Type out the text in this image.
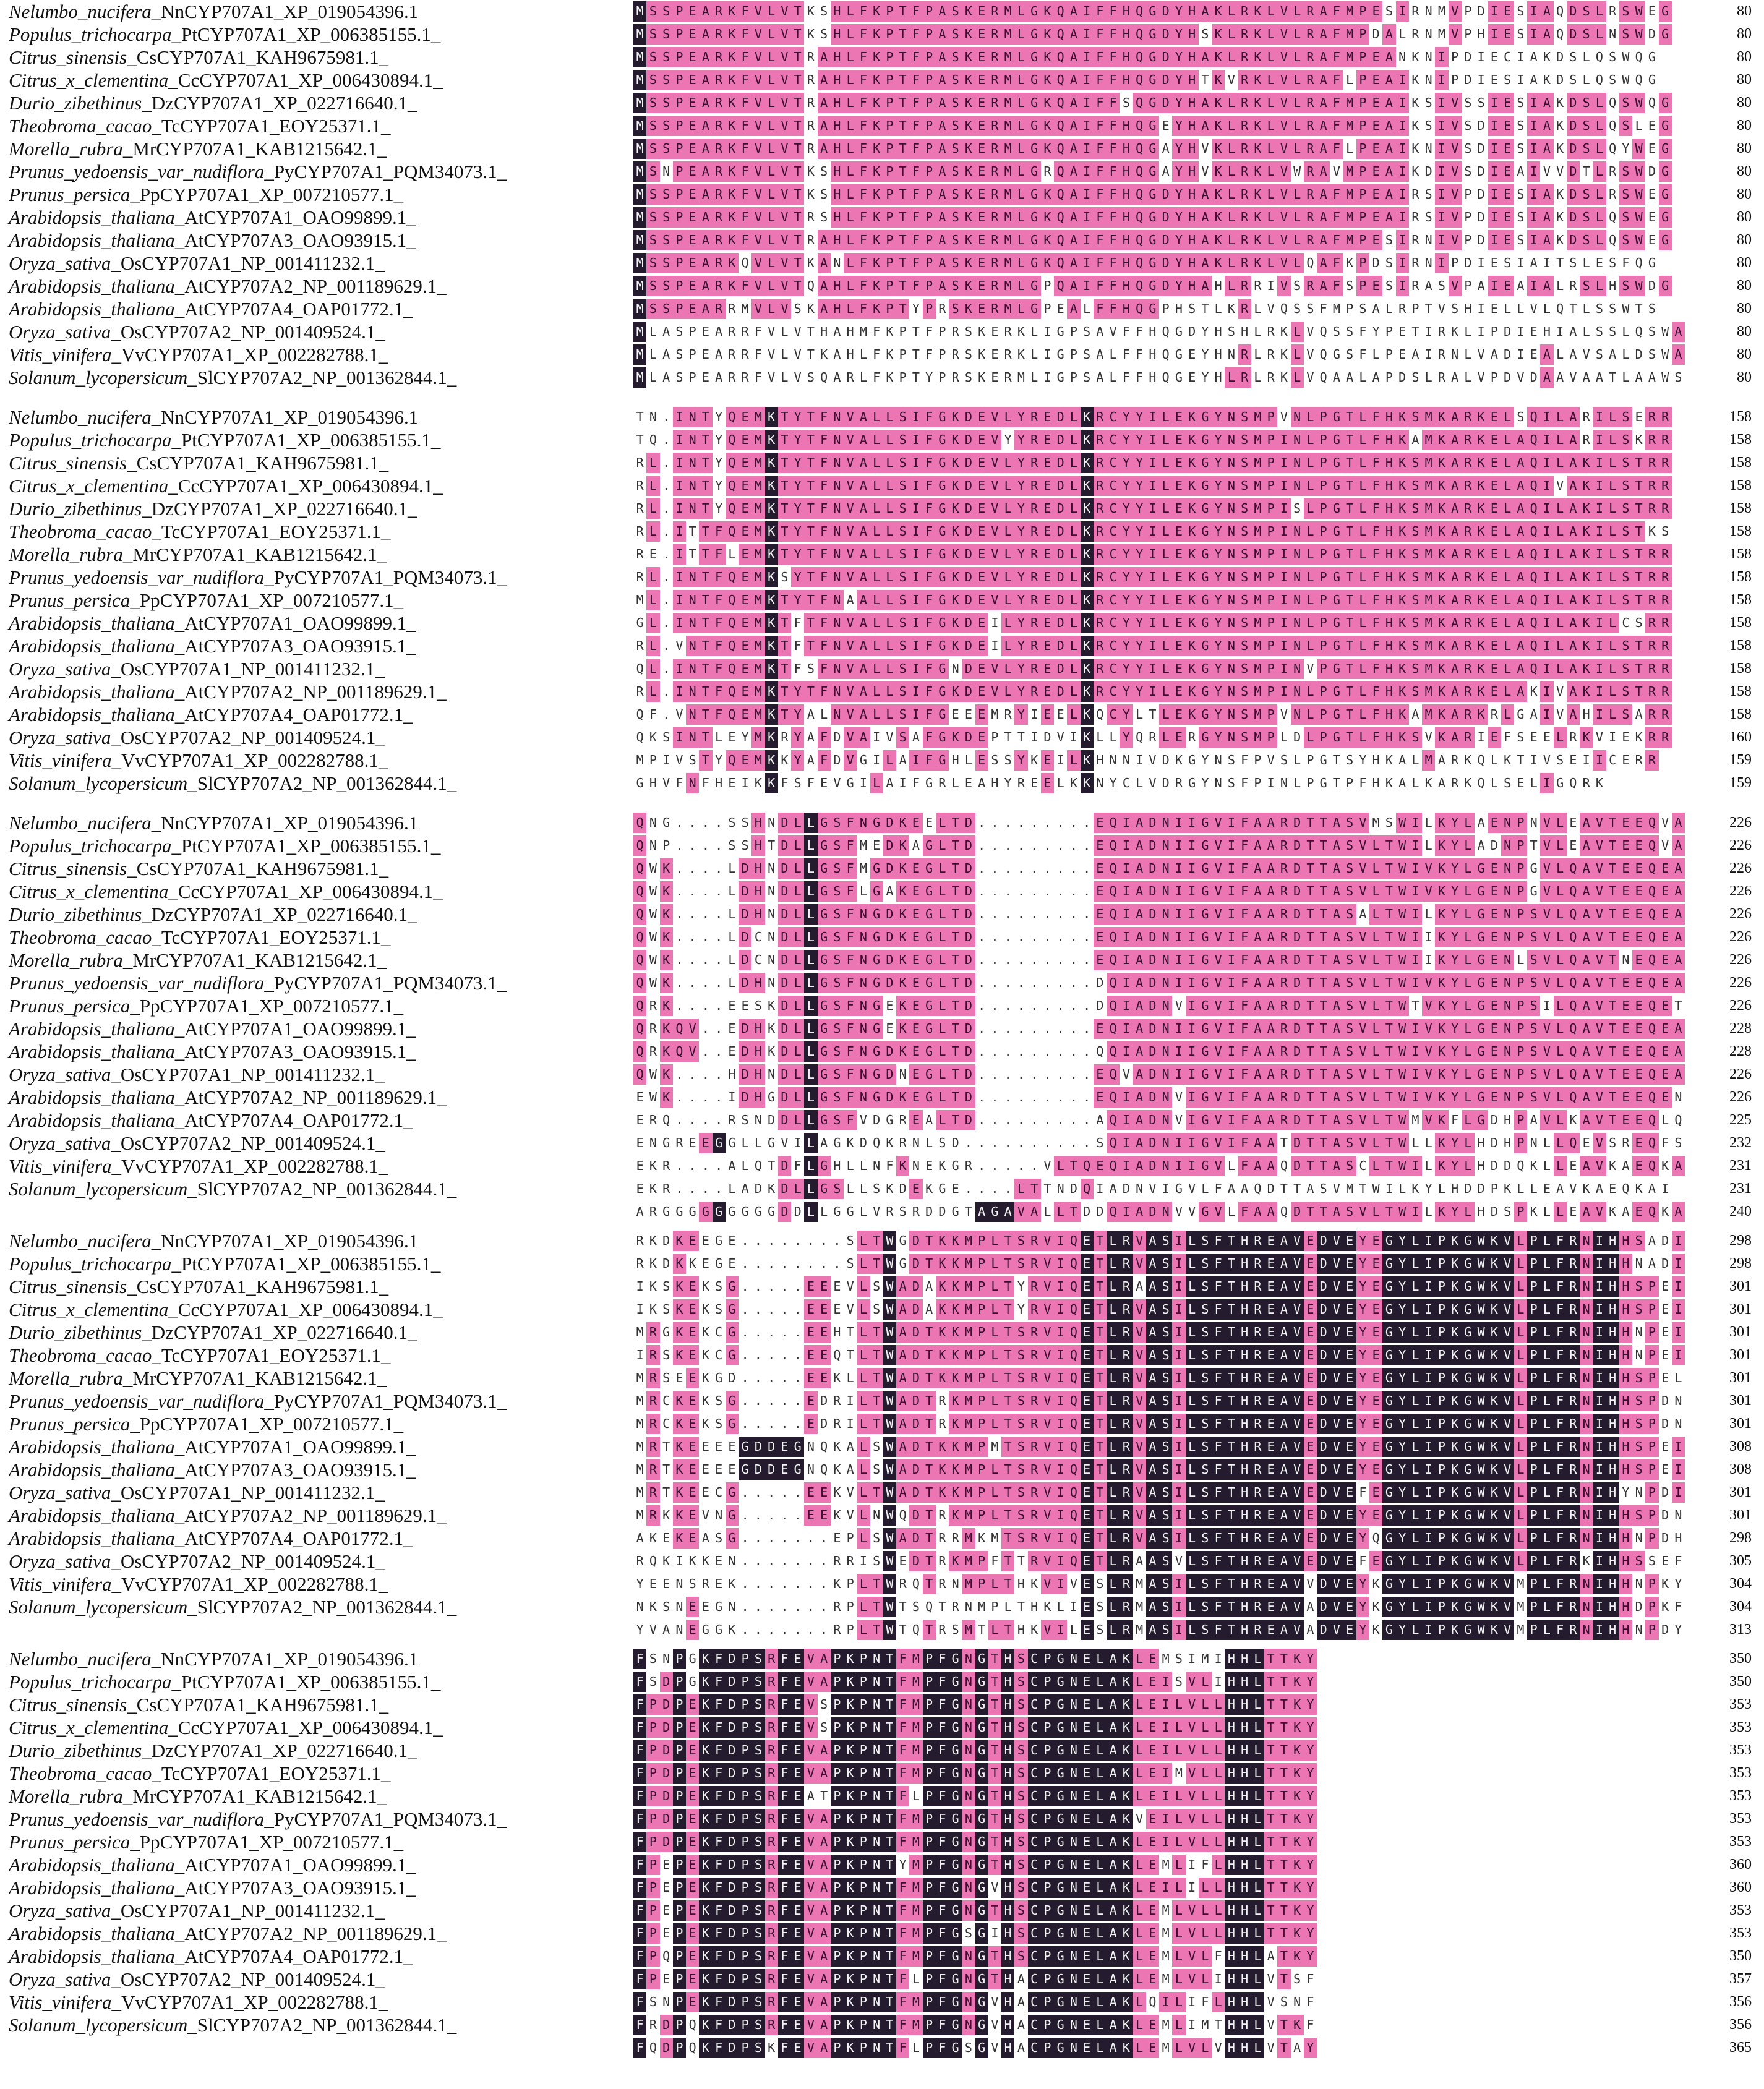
Nelumbo_nucifera_NnCYP707A1_XP_019054396.1	M S S P E A R K F V L V T K S H L F K P T F P A S K E R M L G K Q A I F F H Q G D Y H A K L R K L V L R A F M P E S I R N M V P D I E S I A Q D S L R S W E G	80
Populus_trichocarpa_PtCYP707A1_XP_006385155.1_	M S S P E A R K F V L V T K S H L F K P T F P A S K E R M L G K Q A I F F H Q G D Y H S K L R K L V L R A F M P D A L R N M V P H I E S I A Q D S L N S W D G	80
Citrus_sinensis_CsCYP707A1_KAH9675981.1_	M S S P E A R K F V L V T R A H L F K P T F P A S K E R M L G K Q A I F F H Q G D Y H A K L R K L V L R A F M P E A N K N I P D I E C I A K D S L Q S W Q G	80
Citrus_x_clementina_CcCYP707A1_XP_006430894.1_	M S S P E A R K F V L V T R A H L F K P T F P A S K E R M L G K Q A I F F H Q G D Y H T K V R K L V L R A F L P E A I K N I P D I E S I A K D S L Q S W Q G	80
Durio_zibethinus_DzCYP707A1_XP_022716640.1_	M S S P E A R K F V L V T R A H L F K P T F P A S K E R M L G K Q A I F F S Q G D Y H A K L R K L V L R A F M P E A I K S I V S S I E S I A K D S L Q S W Q G	80
Theobroma_cacao_TcCYP707A1_EOY25371.1_	M S S P E A R K F V L V T R A H L F K P T F P A S K E R M L G K Q A I F F H Q G E Y H A K L R K L V L R A F M P E A I K S I V S D I E S I A K D S L Q S L E G	80
Morella_rubra_MrCYP707A1_KAB1215642.1_	M S S P E A R K F V L V T R A H L F K P T F P A S K E R M L G K Q A I F F H Q G A Y H V K L R K L V L R A F L P E A I K N I V S D I E S I A K D S L Q Y W E G	80
Prunus_yedoensis_var_nudiflora_PyCYP707A1_PQM34073.1_	M S N P E A R K F V L V T K S H L F K P T F P A S K E R M L G R Q A I F F H Q G A Y H V K L R K L V W R A V M P E A I K D I V S D I E A I V V D T L R S W D G	80
Prunus_persica_PpCYP707A1_XP_007210577.1_	M S S P E A R K F V L V T K S H L F K P T F P A S K E R M L G K Q A I F F H Q G D Y H A K L R K L V L R A F M P E A I R S I V P D I E S I A K D S L R S W E G	80
Arabidopsis_thaliana_AtCYP707A1_OAO99899.1_	M S S P E A R K F V L V T R S H L F K P T F P A S K E R M L G K Q A I F F H Q G D Y H A K L R K L V L R A F M P E A I R S I V P D I E S I A K D S L Q S W E G	80
Arabidopsis_thaliana_AtCYP707A3_OAO93915.1_	M S S P E A R K F V L V T R A H L F K P T F P A S K E R M L G K Q A I F F H Q G D Y H A K L R K L V L R A F M P E S I R N I V P D I E S I A K D S L Q S W E G	80
Oryza_sativa_OsCYP707A1_NP_001411232.1_	M S S P E A R K Q V L V T K A N L F K P T F P A S K E R M L G K Q A I F F H Q G D Y H A K L R K L V L Q A F K P D S I R N I P D I E S I A I T S L E S F Q G	80
Arabidopsis_thaliana_AtCYP707A2_NP_001189629.1_	M S S P E A R K F V L V T Q A H L F K P T F P A S K E R M L G P Q A I F F H Q G D Y H A H L R R I V S R A F S P E S I R A S V P A I E A I A L R S L H S W D G	80
Arabidopsis_thaliana_AtCYP707A4_OAP01772.1_	M S S P E A R R M V L V S K A H L F K P T Y P R S K E R M L G P E A L F F H Q G P H S T L K R L V Q S S F M P S A L R P T V S H I E L L V L Q T L S S W T S	80
Oryza_sativa_OsCYP707A2_NP_001409524.1_	M L A S P E A R R F V L V T H A H M F K P T F P R S K E R K L I G P S A V F F H Q G D Y H S H L R K L V Q S S F Y P E T I R K L I P D I E H I A L S S L Q S W A	80
Vitis_vinifera_VvCYP707A1_XP_002282788.1_	M L A S P E A R R F V L V T K A H L F K P T F P R S K E R K L I G P S A L F F H Q G E Y H N R L R K L V Q G S F L P E A I R N L V A D I E A L A V S A L D S W A	80
Solanum_lycopersicum_SlCYP707A2_NP_001362844.1_	M L A S P E A R R F V L V S Q A R L F K P T Y P R S K E R M L I G P S A L F F H Q G E Y H L R L R K L V Q A A L A P D S L R A L V P D V D A A V A A T L A A W S	80
Nelumbo_nucifera_NnCYP707A1_XP_019054396.1	T N . I N T Y Q E M K T Y T F N V A L L S I F G K D E V L Y R E D L K R C Y Y I L E K G Y N S M P V N L P G T L F H K S M K A R K E L S Q I L A R I L S E R R	158
Populus_trichocarpa_PtCYP707A1_XP_006385155.1_	T Q . I N T Y Q E M K T Y T F N V A L L S I F G K D E V Y Y R E D L K R C Y Y I L E K G Y N S M P I N L P G T L F H K A M K A R K E L A Q I L A R I L S K R R	158
Citrus_sinensis_CsCYP707A1_KAH9675981.1_	R L . I N T Y Q E M K T Y T F N V A L L S I F G K D E V L Y R E D L K R C Y Y I L E K G Y N S M P I N L P G T L F H K S M K A R K E L A Q I L A K I L S T R R	158
Citrus_x_clementina_CcCYP707A1_XP_006430894.1_	R L . I N T Y Q E M K T Y T F N V A L L S I F G K D E V L Y R E D L K R C Y Y I L E K G Y N S M P I N L P G T L F H K S M K A R K E L A Q I V A K I L S T R R	158
Durio_zibethinus_DzCYP707A1_XP_022716640.1_	R L . I N T Y Q E M K T Y T F N V A L L S I F G K D E V L Y R E D L K R C Y Y I L E K G Y N S M P I S L P G T L F H K S M K A R K E L A Q I L A K I L S T R R	158
Theobroma_cacao_TcCYP707A1_EOY25371.1_	R L . I T T F Q E M K T Y T F N V A L L S I F G K D E V L Y R E D L K R C Y Y I L E K G Y N S M P I N L P G T L F H K S M K A R K E L A Q I L A K I L S T K S	158
Morella_rubra_MrCYP707A1_KAB1215642.1_	R E . I T T F L E M K T Y T F N V A L L S I F G K D E V L Y R E D L K R C Y Y I L E K G Y N S M P I N L P G T L F H K S M K A R K E L A Q I L A K I L S T R R	158
Prunus_yedoensis_var_nudiflora_PyCYP707A1_PQM34073.1_	R L . I N T F Q E M K S Y T F N V A L L S I F G K D E V L Y R E D L K R C Y Y I L E K G Y N S M P I N L P G T L F H K S M K A R K E L A Q I L A K I L S T R R	158
Prunus_persica_PpCYP707A1_XP_007210577.1_	M L . I N T F Q E M K T Y T F N A A L L S I F G K D E V L Y R E D L K R C Y Y I L E K G Y N S M P I N L P G T L F H K S M K A R K E L A Q I L A K I L S T R R	158
Arabidopsis_thaliana_AtCYP707A1_OAO99899.1_	G L . I N T F Q E M K T F T F N V A L L S I F G K D E I L Y R E D L K R C Y Y I L E K G Y N S M P I N L P G T L F H K S M K A R K E L A Q I L A K I L C S R R	158
Arabidopsis_thaliana_AtCYP707A3_OAO93915.1_	R L . V N T F Q E M K T F T F N V A L L S I F G K D E I L Y R E D L K R C Y Y I L E K G Y N S M P I N L P G T L F H K S M K A R K E L A Q I L A K I L S T R R	158
Oryza_sativa_OsCYP707A1_NP_001411232.1_	Q L . I N T F Q E M K T F S F N V A L L S I F G N D E V L Y R E D L K R C Y Y I L E K G Y N S M P I N V P G T L F H K S M K A R K E L A Q I L A K I L S T R R	158
Arabidopsis_thaliana_AtCYP707A2_NP_001189629.1_	R L . I N T F Q E M K T Y T F N V A L L S I F G K D E V L Y R E D L K R C Y Y I L E K G Y N S M P I N L P G T L F H K S M K A R K E L A K I V A K I L S T R R	158
Arabidopsis_thaliana_AtCYP707A4_OAP01772.1_	Q F . V N T F Q E M K T Y A L N V A L L S I F G E E E M R Y I E E L K Q C Y L T L E K G Y N S M P V N L P G T L F H K A M K A R K R L G A I V A H I L S A R R	158
Oryza_sativa_OsCYP707A2_NP_001409524.1_	Q K S I N T L E Y M K R Y A F D V A I V S A F G K D E P T T I D V I K L L Y Q R L E R G Y N S M P L D L P G T L F H K S V K A R I E F S E E L R K V I E K R R	160
Vitis_vinifera_VvCYP707A1_XP_002282788.1_	M P I V S T Y Q E M K K Y A F D V G I L A I F G H L E S S Y K E I L K H N N I V D K G Y N S F P V S L P G T S Y H K A L M A R K Q L K T I V S E I I C E R R	159
Solanum_lycopersicum_SlCYP707A2_NP_001362844.1_	G H V F N F H E I K K F S F E V G I L A I F G R L E A H Y R E E L K K N Y C L V D R G Y N S F P I N L P G T P F H K A L K A R K Q L S E L I G Q R K	159
Nelumbo_nucifera_NnCYP707A1_XP_019054396.1	Q N G . . . . S S H N D L L G S F N G D K E E L T D . . . . . . . . . E Q I A D N I I G V I F A A R D T T A S V M S W I L K Y L A E N P N V L E A V T E E Q V A	226
Populus_trichocarpa_PtCYP707A1_XP_006385155.1_	Q N P . . . . S S H T D L L G S F M E D K A G L T D . . . . . . . . . E Q I A D N I I G V I F A A R D T T A S V L T W I L K Y L A D N P T V L E A V T E E Q V A	226
Citrus_sinensis_CsCYP707A1_KAH9675981.1_	Q W K . . . . L D H N D L L G S F M G D K E G L T D . . . . . . . . . E Q I A D N I I G V I F A A R D T T A S V L T W I V K Y L G E N P G V L Q A V T E E Q E A	226
Citrus_x_clementina_CcCYP707A1_XP_006430894.1_	Q W K . . . . L D H N D L L G S F L G A K E G L T D . . . . . . . . . E Q I A D N I I G V I F A A R D T T A S V L T W I V K Y L G E N P G V L Q A V T E E Q E A	226
Durio_zibethinus_DzCYP707A1_XP_022716640.1_	Q W K . . . . L D H N D L L G S F N G D K E G L T D . . . . . . . . . E Q I A D N I I G V I F A A R D T T A S A L T W I L K Y L G E N P S V L Q A V T E E Q E A	226
Theobroma_cacao_TcCYP707A1_EOY25371.1_	Q W K . . . . L D C N D L L G S F N G D K E G L T D . . . . . . . . . E Q I A D N I I G V I F A A R D T T A S V L T W I I K Y L G E N P S V L Q A V T E E Q E A	226
Morella_rubra_MrCYP707A1_KAB1215642.1_	Q W K . . . . L D C N D L L G S F N G D K E G L T D . . . . . . . . . E Q I A D N I I G V I F A A R D T T A S V L T W I I K Y L G E N L S V L Q A V T N E Q E A	226
Prunus_yedoensis_var_nudiflora_PyCYP707A1_PQM34073.1_	Q W K . . . . L D H N D L L G S F N G D K E G L T D . . . . . . . . . D Q I A D N I I G V I F A A R D T T A S V L T W I V K Y L G E N P S V L Q A V T E E Q E A	226
Prunus_persica_PpCYP707A1_XP_007210577.1_	Q R K . . . . E E S K D L L G S F N G E K E G L T D . . . . . . . . . D Q I A D N V I G V I F A A R D T T A S V L T W T V K Y L G E N P S I L Q A V T E E Q E T	226
Arabidopsis_thaliana_AtCYP707A1_OAO99899.1_	Q R K Q V . . E D H K D L L G S F N G E K E G L T D . . . . . . . . . E Q I A D N I I G V I F A A R D T T A S V L T W I V K Y L G E N P S V L Q A V T E E Q E A	228
Arabidopsis_thaliana_AtCYP707A3_OAO93915.1_	Q R K Q V . . E D H K D L L G S F N G D K E G L T D . . . . . . . . . Q Q I A D N I I G V I F A A R D T T A S V L T W I V K Y L G E N P S V L Q A V T E E Q E A	228
Oryza_sativa_OsCYP707A1_NP_001411232.1_	Q W K . . . . H D H N D L L G S F N G D N E G L T D . . . . . . . . . E Q V A D N I I G V I F A A R D T T A S V L T W I V K Y L G E N P S V L Q A V T E E Q E A	226
Arabidopsis_thaliana_AtCYP707A2_NP_001189629.1_	E W K . . . . I D H G D L L G S F N G D K E G L T D . . . . . . . . . E Q I A D N V I G V I F A A R D T T A S V L T W I V K Y L G E N P S V L Q A V T E E Q E N	226
Arabidopsis_thaliana_AtCYP707A4_OAP01772.1_	E R Q . . . . R S N D D L L G S F V D G R E A L T D . . . . . . . . . A Q I A D N V I G V I F A A R D T T A S V L T W M V K F L G D H P A V L K A V T E E Q L Q	225
Oryza_sativa_OsCYP707A2_NP_001409524.1_	E N G R E E G G L L G V I L A G K D Q K R N L S D . . . . . . . . . . S Q I A D N I I G V I F A A T D T T A S V L T W L L K Y L H D H P N L L Q E V S R E Q F S	232
Vitis_vinifera_VvCYP707A1_XP_002282788.1_	E K R . . . . A L Q T D F L G H L L N F K N E K G R . . . . . V L T Q E Q I A D N I I G V L F A A Q D T T A S C L T W I L K Y L H D D Q K L L E A V K A E Q K A	231
Solanum_lycopersicum_SlCYP707A2_NP_001362844.1_	E K R . . . . L A D K D L L G S L L S K D E K G E . . . . L T T N D Q I A D N V I G V L F A A Q D T T A S V M T W I L K Y L H D D P K L L E A V K A E Q K A I	231
A R G G G G G G G G G D D L L G G L V R S R D D G T A G A V A L L T D D Q I A D N V V G V L F A A Q D T T A S V L T W I L K Y L H D S P K L L E A V K A E Q K A	240
Nelumbo_nucifera_NnCYP707A1_XP_019054396.1	R K D K E E G E . . . . . . . . S L T W G D T K K M P L T S R V I Q E T L R V A S I L S F T H R E A V E D V E Y E G Y L I P K G W K V L P L F R N I H H S A D I	298
Populus_trichocarpa_PtCYP707A1_XP_006385155.1_	R K D K K E G E . . . . . . . . S L T W G D T K K M P L T S R V I Q E T L R V A S I L S F T H R E A V E D V E Y E G Y L I P K G W K V L P L F R N I H H N A D I	298
Citrus_sinensis_CsCYP707A1_KAH9675981.1_	I K S K E K S G . . . . . E E E V L S W A D A K K M P L T Y R V I Q E T L R A A S I L S F T H R E A V E D V E Y E G Y L I P K G W K V L P L F R N I H H S P E I	301
Citrus_x_clementina_CcCYP707A1_XP_006430894.1_	I K S K E K S G . . . . . E E E V L S W A D A K K M P L T Y R V I Q E T L R V A S I L S F T H R E A V E D V E Y E G Y L I P K G W K V L P L F R N I H H S P E I	301
Durio_zibethinus_DzCYP707A1_XP_022716640.1_	M R G K E K C G . . . . . E E H T L T W A D T K K M P L T S R V I Q E T L R V A S I L S F T H R E A V E D V E Y E G Y L I P K G W K V L P L F R N I H H N P E I	301
Theobroma_cacao_TcCYP707A1_EOY25371.1_	I R S K E K C G . . . . . E E Q T L T W A D T K K M P L T S R V I Q E T L R V A S I L S F T H R E A V E D V E Y E G Y L I P K G W K V L P L F R N I H H N P E I	301
Morella_rubra_MrCYP707A1_KAB1215642.1_	M R S E E K G D . . . . . E E K L L T W A D T K K M P L T S R V I Q E T L R V A S I L S F T H R E A V E D V E Y E G Y L I P K G W K V L P L F R N I H H S P E L	301
Prunus_yedoensis_var_nudiflora_PyCYP707A1_PQM34073.1_	M R C K E K S G . . . . . E D R I L T W A D T R K M P L T S R V I Q E T L R V A S I L S F T H R E A V E D V E Y E G Y L I P K G W K V L P L F R N I H H S P D N	301
Prunus_persica_PpCYP707A1_XP_007210577.1_	M R C K E K S G . . . . . E D R I L T W A D T R K M P L T S R V I Q E T L R V A S I L S F T H R E A V E D V E Y E G Y L I P K G W K V L P L F R N I H H S P D N	301
Arabidopsis_thaliana_AtCYP707A1_OAO99899.1_	M R T K E E E E G D D E G N Q K A L S W A D T K K M P M T S R V I Q E T L R V A S I L S F T H R E A V E D V E Y E G Y L I P K G W K V L P L F R N I H H S P E I	308
Arabidopsis_thaliana_AtCYP707A3_OAO93915.1_	M R T K E E E E G D D E G N Q K A L S W A D T K K M P L T S R V I Q E T L R V A S I L S F T H R E A V E D V E Y E G Y L I P K G W K V L P L F R N I H H S P E I	308
Oryza_sativa_OsCYP707A1_NP_001411232.1_	M R T K E E C G . . . . . E E K V L T W A D T K K M P L T S R V I Q E T L R V A S I L S F T H R E A V E D V E F E G Y L I P K G W K V L P L F R N I H Y N P D I	301
Arabidopsis_thaliana_AtCYP707A2_NP_001189629.1_	M R K K E V N G . . . . . E E K V L N W Q D T R K M P L T S R V I Q E T L R V A S I L S F T H R E A V E D V E Y E G Y L I P K G W K V L P L F R N I H H S P D N	301
Arabidopsis_thaliana_AtCYP707A4_OAP01772.1_	A K E K E A S G . . . . . . . E P L S W A D T R R M K M T S R V I Q E T L R V A S I L S F T H R E A V E D V E Y Q G Y L I P K G W K V L P L F R N I H H N P D H	298
Oryza_sativa_OsCYP707A2_NP_001409524.1_	R Q K I K K E N . . . . . . . R R I S W E D T R K M P F T T R V I Q E T L R A A S V L S F T H R E A V E D V E F E G Y L I P K G W K V L P L F R K I H H S S E F	305
Vitis_vinifera_VvCYP707A1_XP_002282788.1_	Y E E N S R E K . . . . . . . K P L T W R Q T R N M P L T H K V I V E S L R M A S I L S F T H R E A V V D V E Y K G Y L I P K G W K V M P L F R N I H H N P K Y	304
Solanum_lycopersicum_SlCYP707A2_NP_001362844.1_	N K S N E E G N . . . . . . . R P L T W T S Q T R N M P L T H K L I E S L R M A S I L S F T H R E A V A D V E Y K G Y L I P K G W K V M P L F R N I H H D P K F	304
Y V A N E G G K . . . . . . . R P L T W T Q T R S M T L T H K V I L E S L R M A S I L S F T H R E A V A D V E Y K G Y L I P K G W K V M P L F R N I H H N P D Y	313
Nelumbo_nucifera_NnCYP707A1_XP_019054396.1	F S N P G K F D P S R F E V A P K P N T F M P F G N G T H S C P G N E L A K L E M S I M I H H L T T K Y	350
Populus_trichocarpa_PtCYP707A1_XP_006385155.1_	F S D P G K F D P S R F E V A P K P N T F M P F G N G T H S C P G N E L A K L E I S V L I H H L T T K Y	350
Citrus_sinensis_CsCYP707A1_KAH9675981.1_	F P D P E K F D P S R F E V S P K P N T F M P F G N G T H S C P G N E L A K L E I L V L L H H L T T K Y	353
Citrus_x_clementina_CcCYP707A1_XP_006430894.1_	F P D P E K F D P S R F E V S P K P N T F M P F G N G T H S C P G N E L A K L E I L V L L H H L T T K Y	353
Durio_zibethinus_DzCYP707A1_XP_022716640.1_	F P D P E K F D P S R F E V A P K P N T F M P F G N G T H S C P G N E L A K L E I L V L L H H L T T K Y	353
Theobroma_cacao_TcCYP707A1_EOY25371.1_	F P D P E K F D P S R F E V A P K P N T F M P F G N G T H S C P G N E L A K L E I M V L L H H L T T K Y	353
Morella_rubra_MrCYP707A1_KAB1215642.1_	F P D P E K F D P S R F E A T P K P N T F L P F G N G T H S C P G N E L A K L E I L V L L H H L T T K Y	353
Prunus_yedoensis_var_nudiflora_PyCYP707A1_PQM34073.1_	F P D P E K F D P S R F E V A P K P N T F M P F G N G T H S C P G N E L A K V E I L V L L H H L T T K Y	353
Prunus_persica_PpCYP707A1_XP_007210577.1_	F P D P E K F D P S R F E V A P K P N T F M P F G N G T H S C P G N E L A K L E I L V L L H H L T T K Y	353
Arabidopsis_thaliana_AtCYP707A1_OAO99899.1_	F P E P E K F D P S R F E V A P K P N T Y M P F G N G T H S C P G N E L A K L E M L I F L H H L T T K Y	360
Arabidopsis_thaliana_AtCYP707A3_OAO93915.1_	F P E P E K F D P S R F E V A P K P N T F M P F G N G V H S C P G N E L A K L E I L I L L H H L T T K Y	360
Oryza_sativa_OsCYP707A1_NP_001411232.1_	F P E P E K F D P S R F E V A P K P N T F M P F G N G T H S C P G N E L A K L E M L V L L H H L T T K Y	353
Arabidopsis_thaliana_AtCYP707A2_NP_001189629.1_	F P E P E K F D P S R F E V A P K P N T F M P F G S G I H S C P G N E L A K L E M L V L L H H L T T K Y	353
Arabidopsis_thaliana_AtCYP707A4_OAP01772.1_	F P Q P E K F D P S R F E V A P K P N T F M P F G N G T H S C P G N E L A K L E M L V L F H H L A T K Y	350
Oryza_sativa_OsCYP707A2_NP_001409524.1_	F P E P E K F D P S R F E V A P K P N T F L P F G N G T H A C P G N E L A K L E M L V L I H H L V T S F	357
Vitis_vinifera_VvCYP707A1_XP_002282788.1_	F S N P E K F D P S R F E V A P K P N T F M P F G N G V H A C P G N E L A K L Q I L I F L H H L V S N F	356
Solanum_lycopersicum_SlCYP707A2_NP_001362844.1_	F R D P Q K F D P S R F E V A P K P N T F M P F G N G V H A C P G N E L A K L E M L I M T H H L V T K F	356
F Q D P Q K F D P S K F E V A P K P N T F L P F G S G V H A C P G N E L A K L E M L V L V H H L V T A Y	365
